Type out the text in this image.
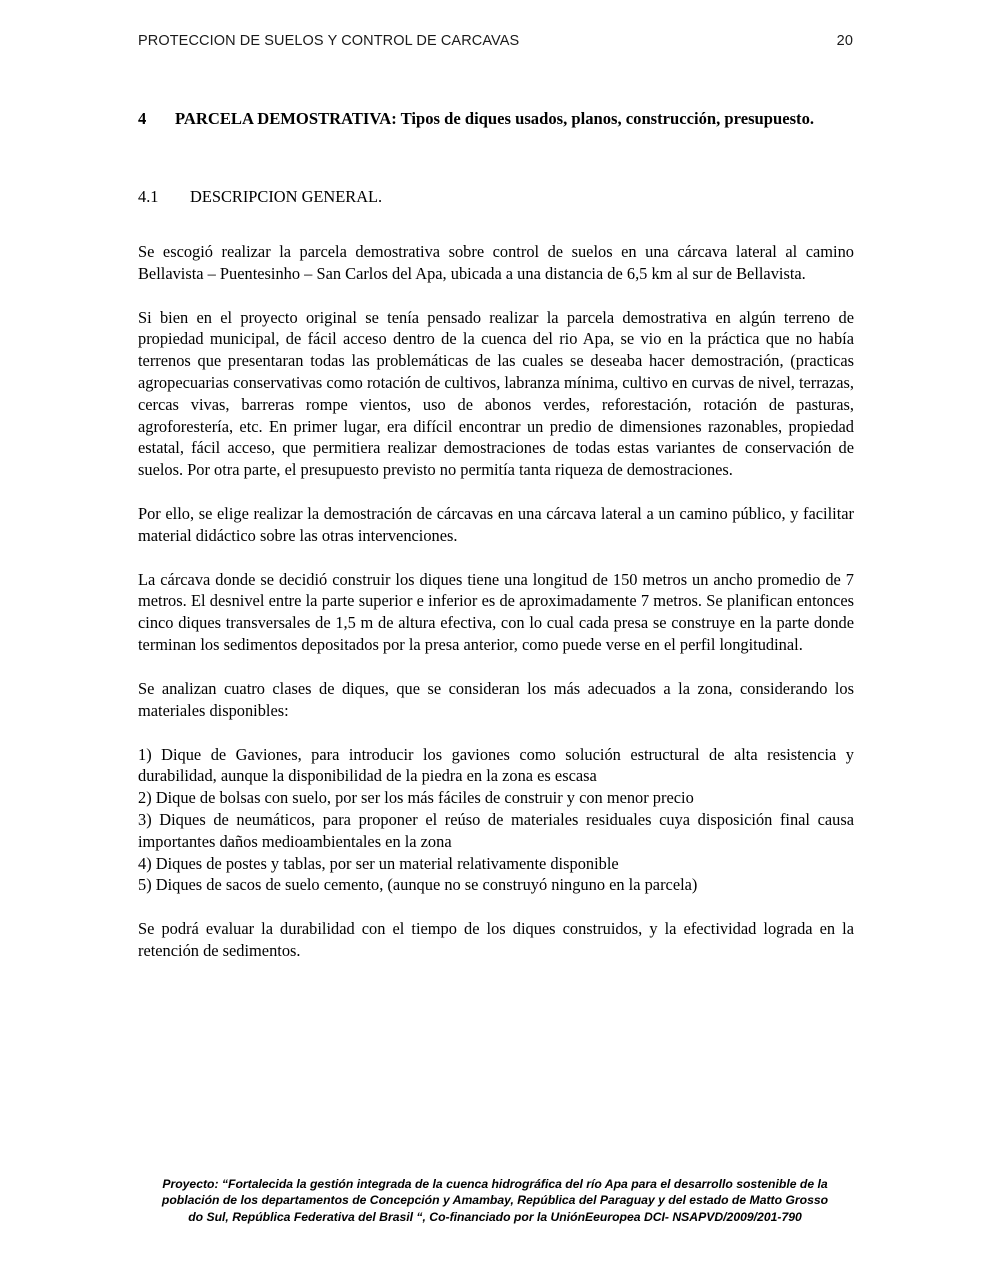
PROTECCION DE SUELOS Y CONTROL DE CARCAVAS	20
4	PARCELA DEMOSTRATIVA: Tipos de diques usados, planos, construcción, presupuesto.
4.1	DESCRIPCION GENERAL.

Se escogió realizar la parcela demostrativa sobre control de suelos en una cárcava lateral al camino Bellavista – Puentesinho – San Carlos del Apa, ubicada a una distancia de 6,5 km al sur de Bellavista.

Si bien en el proyecto original se tenía pensado realizar la parcela demostrativa en algún terreno de propiedad municipal, de fácil acceso dentro de la cuenca del rio Apa, se vio en la práctica que no había terrenos que presentaran todas las problemáticas de las cuales se deseaba hacer demostración, (practicas agropecuarias conservativas como rotación de cultivos, labranza mínima, cultivo en curvas de nivel, terrazas, cercas vivas, barreras rompe vientos, uso de abonos verdes, reforestación, rotación de pasturas, agroforestería, etc. En primer lugar, era difícil encontrar un predio de dimensiones razonables, propiedad estatal, fácil acceso, que permitiera realizar demostraciones de todas estas variantes de conservación de suelos. Por otra parte, el presupuesto previsto no permitía tanta riqueza de demostraciones.

Por ello, se elige realizar la demostración de cárcavas en una cárcava lateral a un camino público, y facilitar material didáctico sobre las otras intervenciones.

La cárcava donde se decidió construir los diques tiene una longitud de 150 metros un ancho promedio de 7 metros. El desnivel entre la parte superior e inferior es de aproximadamente 7 metros. Se planifican entonces cinco diques transversales de 1,5 m de altura efectiva, con lo cual cada presa se construye en la parte donde terminan los sedimentos depositados por la presa anterior, como puede verse en el perfil longitudinal.

Se analizan cuatro clases de diques, que se consideran los más adecuados a la zona, considerando los materiales disponibles:

1) Dique de Gaviones, para introducir los gaviones como solución estructural de alta resistencia y durabilidad, aunque la disponibilidad de la piedra en la zona es escasa

2) Dique de bolsas con suelo, por ser los más fáciles de construir y con menor precio

3) Diques de neumáticos, para proponer el reúso de materiales residuales cuya disposición final causa importantes daños medioambientales en la zona

4) Diques de postes y tablas, por ser un material relativamente disponible

5) Diques de sacos de suelo cemento, (aunque no se construyó ninguno en la parcela)

Se podrá evaluar la durabilidad con el tiempo de los diques construidos, y la efectividad lograda en la retención de sedimentos.

Proyecto: “Fortalecida la gestión integrada de la cuenca hidrográfica del río Apa para el desarrollo sostenible de la
población de los departamentos de Concepción y Amambay, República del Paraguay y del estado de Matto Grosso
do Sul, República Federativa del Brasil “, Co-financiado por la UniónEeuropea DCI- NSAPVD/2009/201-790
